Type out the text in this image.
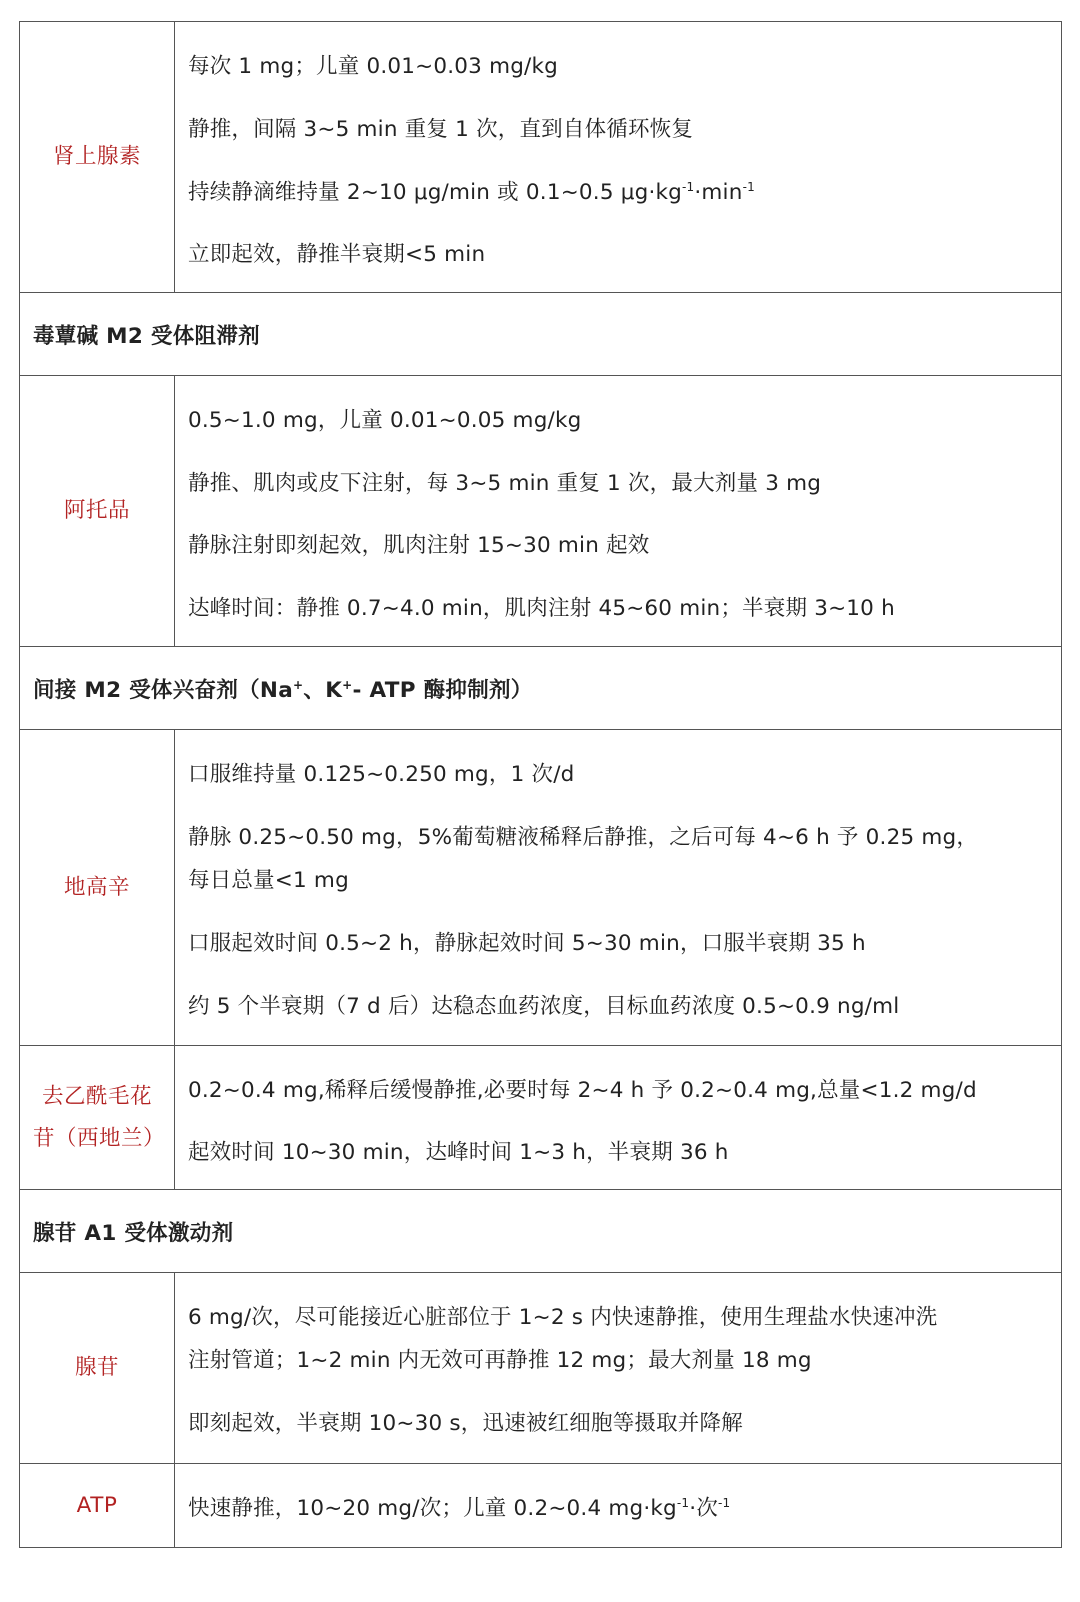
肾上腺素
每次 1 mg；儿童 0.01~0.03 mg/kg
静推，间隔 3~5 min 重复 1 次，直到自体循环恢复
持续静滴维持量 2~10 μg/min 或 0.1~0.5 $\mu g\cdot kg^{-1}\cdot\min^{-1}$
立即起效，静推半衰期<5 min
毒蕈碱 M2 受体阻滞剂
阿托品
0.5~1.0 mg，儿童 0.01~0.05 mg/kg
静推、肌肉或皮下注射，每 3~5 min 重复 1 次，最大剂量 3 mg
静脉注射即刻起效，肌肉注射 15~30 min 起效
达峰时间：静推 0.7~4.0 min，肌肉注射 45~60 min；半衰期 3~10 h
间接 M2 受体兴奋剂（Na+、K+- ATP 酶抑制剂）
地高辛
口服维持量 0.125~0.250 mg，1 次/d
静脉 0.25~0.50 mg，5%葡萄糖液稀释后静推，之后可每 4~6 h 予 0.25 mg，
每日总量<1 mg
口服起效时间 0.5~2 h，静脉起效时间 5~30 min，口服半衰期 35 h
约 5 个半衰期（7 d 后）达稳态血药浓度，目标血药浓度 0.5~0.9 ng/ml
去乙酰毛花苷（西地兰）
0.2~0.4 mg,稀释后缓慢静推,必要时每 2~4 h 予 0.2~0.4 mg,总量<1.2 mg/d
起效时间 10~30 min，达峰时间 1~3 h，半衰期 36 h
腺苷 A1 受体激动剂
腺苷
6 mg/次，尽可能接近心脏部位于 1~2 s 内快速静推，使用生理盐水快速冲洗
注射管道；1~2 min 内无效可再静推 12 mg；最大剂量 18 mg
即刻起效，半衰期 10~30 s，迅速被红细胞等摄取并降解
ATP	快速静推，10~20 mg/次；儿童 0.2~0.4 $mg\cdot kg^{-1}\cdot$次$^{-1}$
